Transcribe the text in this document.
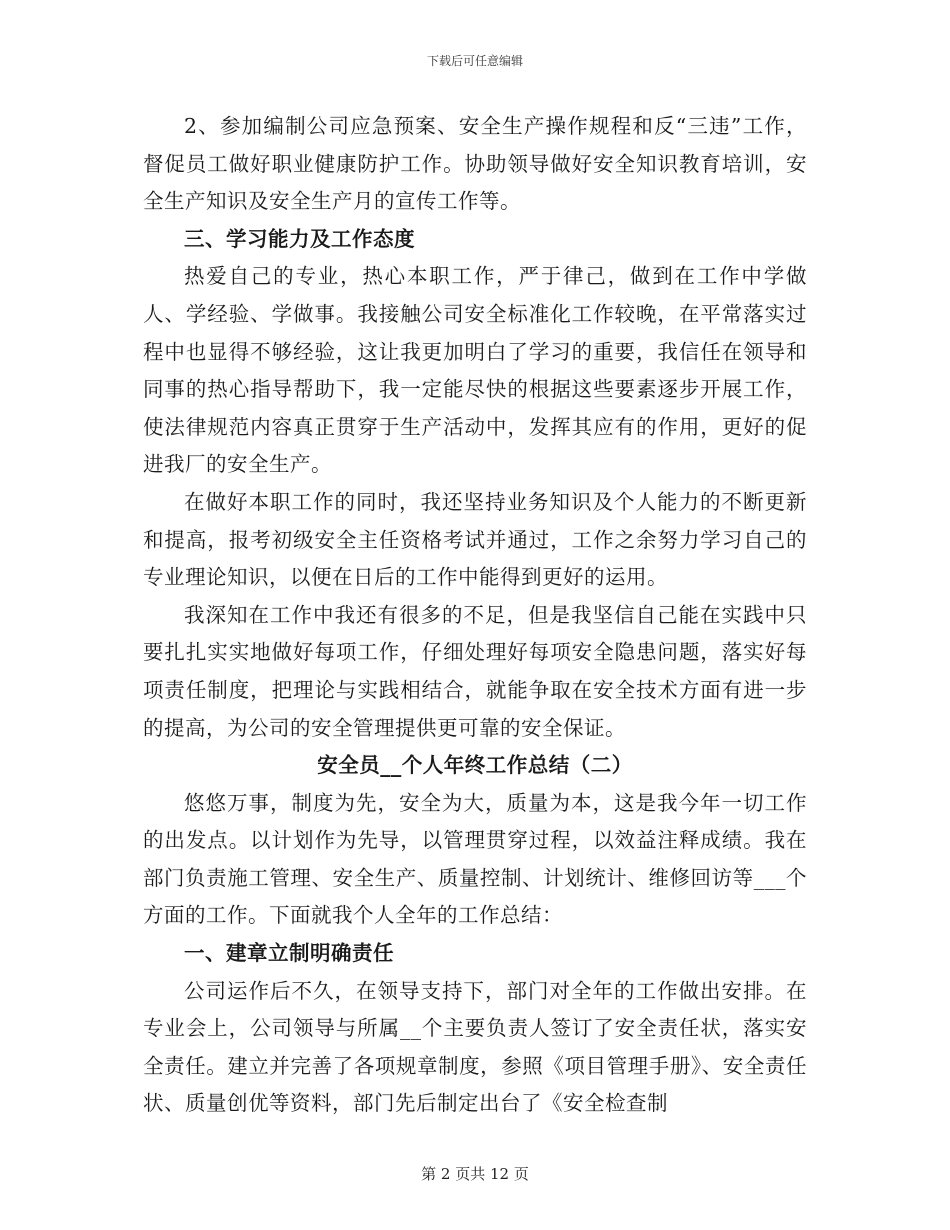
下载后可任意编辑

2、参加编制公司应急预案、安全生产操作规程和反“三违”工作，督促员工做好职业健康防护工作。协助领导做好安全知识教育培训，安全生产知识及安全生产月的宣传工作等。

三、学习能力及工作态度

热爱自己的专业，热心本职工作，严于律己，做到在工作中学做人、学经验、学做事。我接触公司安全标准化工作较晚，在平常落实过程中也显得不够经验，这让我更加明白了学习的重要，我信任在领导和同事的热心指导帮助下，我一定能尽快的根据这些要素逐步开展工作，使法律规范内容真正贯穿于生产活动中，发挥其应有的作用，更好的促进我厂的安全生产。

在做好本职工作的同时，我还坚持业务知识及个人能力的不断更新和提高，报考初级安全主任资格考试并通过，工作之余努力学习自己的专业理论知识，以便在日后的工作中能得到更好的运用。

我深知在工作中我还有很多的不足，但是我坚信自己能在实践中只要扎扎实实地做好每项工作，仔细处理好每项安全隐患问题，落实好每项责任制度，把理论与实践相结合，就能争取在安全技术方面有进一步的提高，为公司的安全管理提供更可靠的安全保证。

安全员__个人年终工作总结（二）

悠悠万事，制度为先，安全为大，质量为本，这是我今年一切工作的出发点。以计划作为先导，以管理贯穿过程，以效益注释成绩。我在部门负责施工管理、安全生产、质量控制、计划统计、维修回访等___个方面的工作。下面就我个人全年的工作总结：

一、建章立制明确责任

公司运作后不久，在领导支持下，部门对全年的工作做出安排。在专业会上，公司领导与所属__个主要负责人签订了安全责任状，落实安全责任。建立并完善了各项规章制度，参照《项目管理手册》、安全责任状、质量创优等资料，部门先后制定出台了《安全检查制

第 2 页共 12 页
